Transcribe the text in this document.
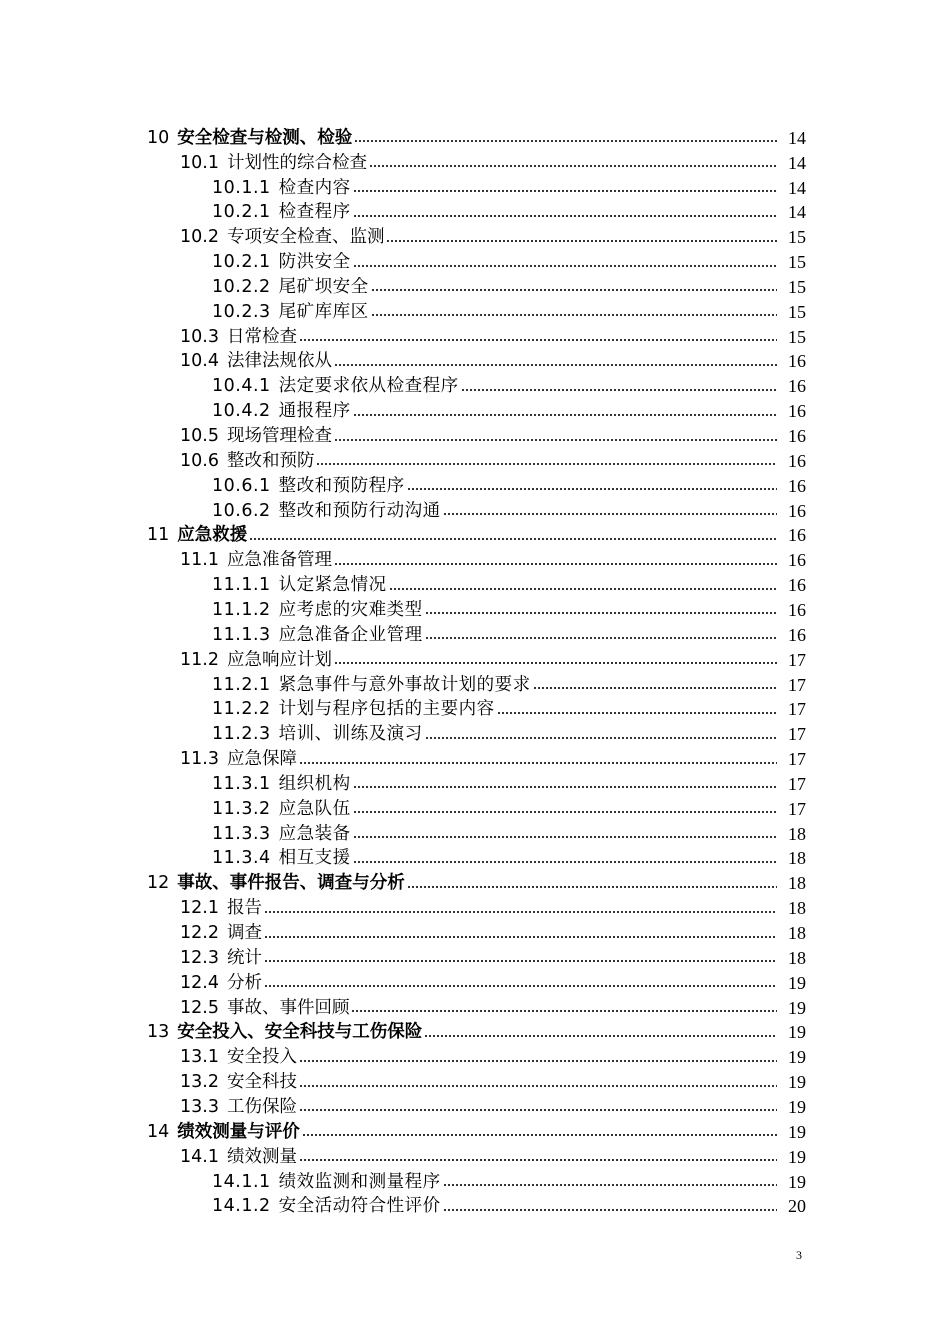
10 安全检查与检测、检验	14
10.1 计划性的综合检查	14
10.1.1 检查内容	14
10.2.1 检查程序	14
10.2 专项安全检查、监测	15
10.2.1 防洪安全	15
10.2.2 尾矿坝安全	15
10.2.3 尾矿库库区	15
10.3 日常检查	15
10.4 法律法规依从	16
10.4.1 法定要求依从检查程序	16
10.4.2 通报程序	16
10.5 现场管理检查	16
10.6 整改和预防	16
10.6.1 整改和预防程序	16
10.6.2 整改和预防行动沟通	16
11 应急救援	16
11.1 应急准备管理	16
11.1.1 认定紧急情况	16
11.1.2 应考虑的灾难类型	16
11.1.3 应急准备企业管理	16
11.2 应急响应计划	17
11.2.1 紧急事件与意外事故计划的要求	17
11.2.2 计划与程序包括的主要内容	17
11.2.3 培训、训练及演习	17
11.3 应急保障	17
11.3.1 组织机构	17
11.3.2 应急队伍	17
11.3.3 应急装备	18
11.3.4 相互支援	18
12 事故、事件报告、调查与分析	18
12.1 报告	18
12.2 调查	18
12.3 统计	18
12.4 分析	19
12.5 事故、事件回顾	19
13 安全投入、安全科技与工伤保险	19
13.1 安全投入	19
13.2 安全科技	19
13.3 工伤保险	19
14 绩效测量与评价	19
14.1 绩效测量	19
14.1.1 绩效监测和测量程序	19
14.1.2 安全活动符合性评价	20
3
